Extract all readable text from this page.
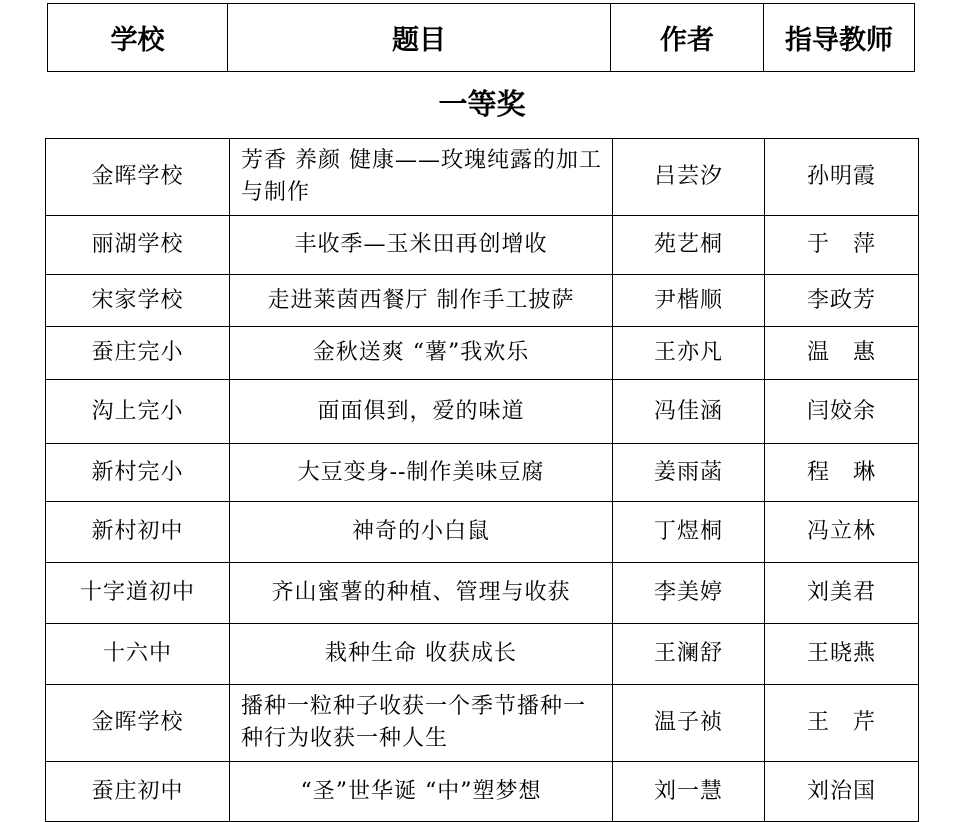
学校	题目	作者	指导教师
一等奖
金晖学校	芳香 养颜 健康——玫瑰纯露的加工与制作	吕芸汐	孙明霞
丽湖学校	丰收季—玉米田再创增收	苑艺桐	于　萍
宋家学校	走进莱茵西餐厅 制作手工披萨	尹楷顺	李政芳
蚕庄完小	金秋送爽 “薯”我欢乐	王亦凡	温　惠
沟上完小	面面俱到，爱的味道	冯佳涵	闫姣余
新村完小	大豆变身--制作美味豆腐	姜雨菡	程　琳
新村初中	神奇的小白鼠	丁煜桐	冯立林
十字道初中	齐山蜜薯的种植、管理与收获	李美婷	刘美君
十六中	栽种生命 收获成长	王澜舒	王晓燕
金晖学校	播种一粒种子收获一个季节播种一种行为收获一种人生	温子祯	王　芹
蚕庄初中	“圣”世华诞 “中”塑梦想	刘一慧	刘治国
